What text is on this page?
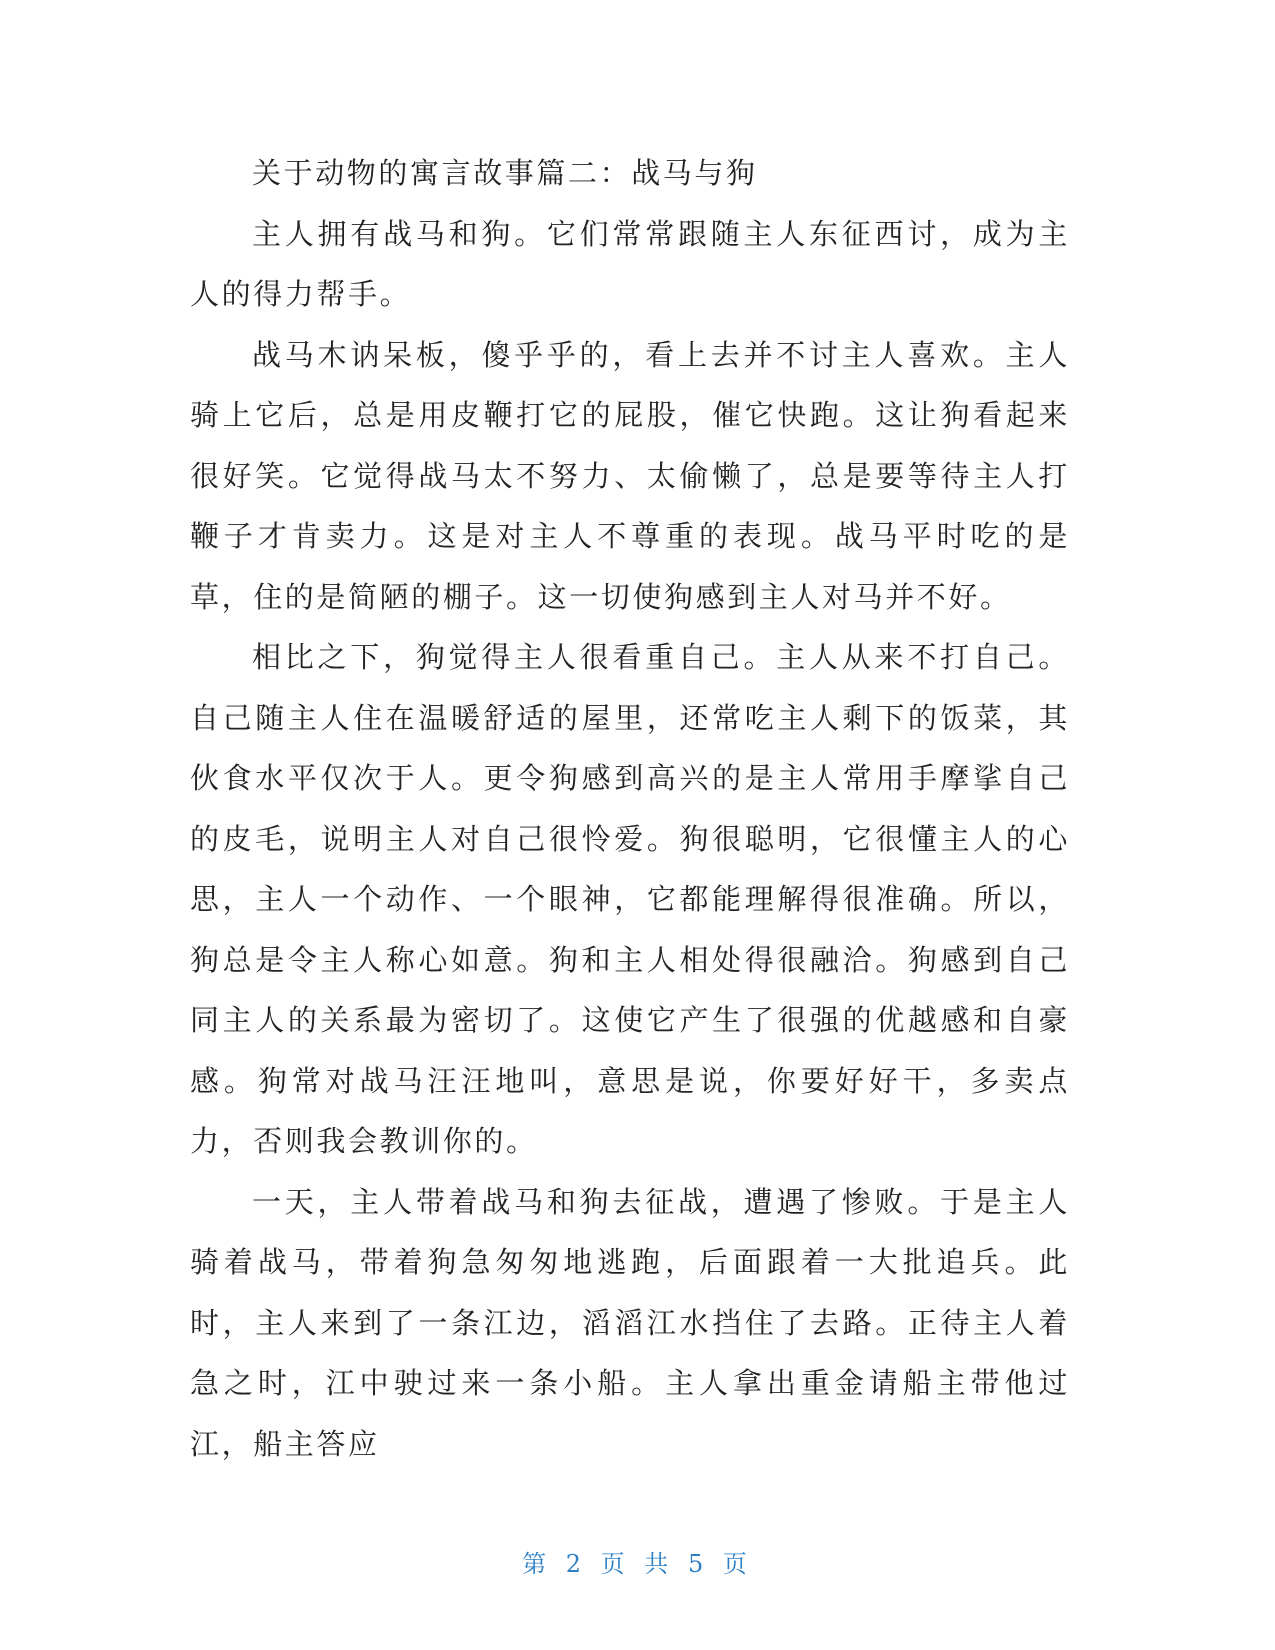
关于动物的寓言故事篇二：战马与狗

主人拥有战马和狗。它们常常跟随主人东征西讨，成为主人的得力帮手。

战马木讷呆板，傻乎乎的，看上去并不讨主人喜欢。主人骑上它后，总是用皮鞭打它的屁股，催它快跑。这让狗看起来很好笑。它觉得战马太不努力、太偷懒了，总是要等待主人打鞭子才肯卖力。这是对主人不尊重的表现。战马平时吃的是草，住的是简陋的棚子。这一切使狗感到主人对马并不好。

相比之下，狗觉得主人很看重自己。主人从来不打自己。自己随主人住在温暖舒适的屋里，还常吃主人剩下的饭菜，其伙食水平仅次于人。更令狗感到高兴的是主人常用手摩挲自己的皮毛，说明主人对自己很怜爱。狗很聪明，它很懂主人的心思，主人一个动作、一个眼神，它都能理解得很准确。所以，狗总是令主人称心如意。狗和主人相处得很融洽。狗感到自己同主人的关系最为密切了。这使它产生了很强的优越感和自豪感。狗常对战马汪汪地叫，意思是说，你要好好干，多卖点力，否则我会教训你的。

一天，主人带着战马和狗去征战，遭遇了惨败。于是主人骑着战马，带着狗急匆匆地逃跑，后面跟着一大批追兵。此时，主人来到了一条江边，滔滔江水挡住了去路。正待主人着急之时，江中驶过来一条小船。主人拿出重金请船主带他过江，船主答应

第 2 页 共 5 页
